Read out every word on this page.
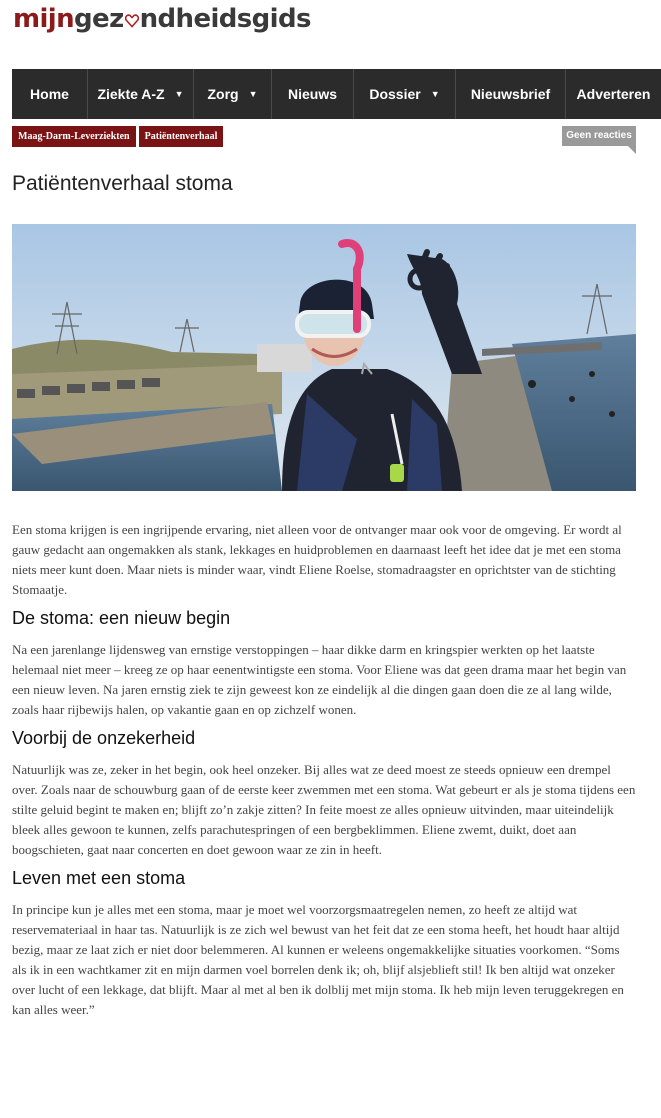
mijngez ndheidsgids
Home Ziekte A-Z ▼ Zorg ▼ Nieuws Dossier ▼ Nieuwsbrief Adverteren
Maag-Darm-Leverziekten	Patiëntenverhaal	Geen reacties
Patiëntenverhaal stoma

Een stoma krijgen is een ingrijpende ervaring, niet alleen voor de ontvanger maar ook voor de omgeving. Er wordt al gauw gedacht aan ongemakken als stank, lekkages en huidproblemen en daarnaast leeft het idee dat je met een stoma niets meer kunt doen. Maar niets is minder waar, vindt Eliene Roelse, stomadraagster en oprichtster van de stichting Stomaatje.

De stoma: een nieuw begin

Na een jarenlange lijdensweg van ernstige verstoppingen – haar dikke darm en kringspier werkten op het laatste helemaal niet meer – kreeg ze op haar eenentwintigste een stoma. Voor Eliene was dat geen drama maar het begin van een nieuw leven. Na jaren ernstig ziek te zijn geweest kon ze eindelijk al die dingen gaan doen die ze al lang wilde, zoals haar rijbewijs halen, op vakantie gaan en op zichzelf wonen.

Voorbij de onzekerheid

Natuurlijk was ze, zeker in het begin, ook heel onzeker. Bij alles wat ze deed moest ze steeds opnieuw een drempel over. Zoals naar de schouwburg gaan of de eerste keer zwemmen met een stoma. Wat gebeurt er als je stoma tijdens een stilte geluid begint te maken en; blijft zo’n zakje zitten? In feite moest ze alles opnieuw uitvinden, maar uiteindelijk bleek alles gewoon te kunnen, zelfs parachutespringen of een bergbeklimmen. Eliene zwemt, duikt, doet aan boogschieten, gaat naar concerten en doet gewoon waar ze zin in heeft.

Leven met een stoma

In principe kun je alles met een stoma, maar je moet wel voorzorgsmaatregelen nemen, zo heeft ze altijd wat reservemateriaal in haar tas. Natuurlijk is ze zich wel bewust van het feit dat ze een stoma heeft, het houdt haar altijd bezig, maar ze laat zich er niet door belemmeren. Al kunnen er weleens ongemakkelijke situaties voorkomen. “Soms als ik in een wachtkamer zit en mijn darmen voel borrelen denk ik; oh, blijf alsjeblieft stil! Ik ben altijd wat onzeker over lucht of een lekkage, dat blijft. Maar al met al ben ik dolblij met mijn stoma. Ik heb mijn leven teruggekregen en kan alles weer.”
